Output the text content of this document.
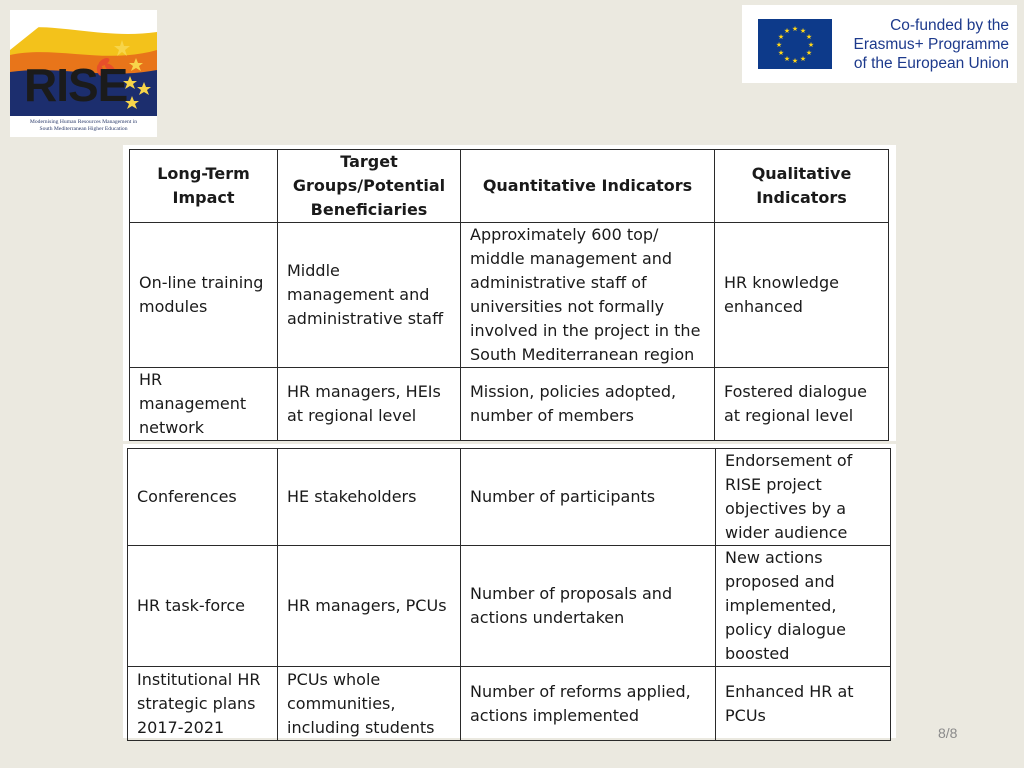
RISE
Modernising Human Resources Management in
South Mediterranean Higher Education
★ ★
★
★
★
★
★
★
★
★
★
★	Co-funded by the
Erasmus+ Programme
of the European Union
Long-Term Impact	Target Groups/Potential Beneficiaries	Quantitative Indicators	Qualitative Indicators
On-line training modules	Middle management and administrative staff	Approximately 600 top/ middle management and administrative staff of universities not formally involved in the project in the South Mediterranean region	HR knowledge enhanced
HR management network	HR managers, HEIs at regional level	Mission, policies adopted, number of members	Fostered dialogue at regional level
Conferences	HE stakeholders	Number of participants	Endorsement of RISE project objectives by a wider audience
HR task-force	HR managers, PCUs	Number of proposals and actions undertaken	New actions proposed and implemented, policy dialogue boosted
Institutional HR strategic plans 2017-2021	PCUs whole communities, including students	Number of reforms applied, actions implemented	Enhanced HR at PCUs
8/8
